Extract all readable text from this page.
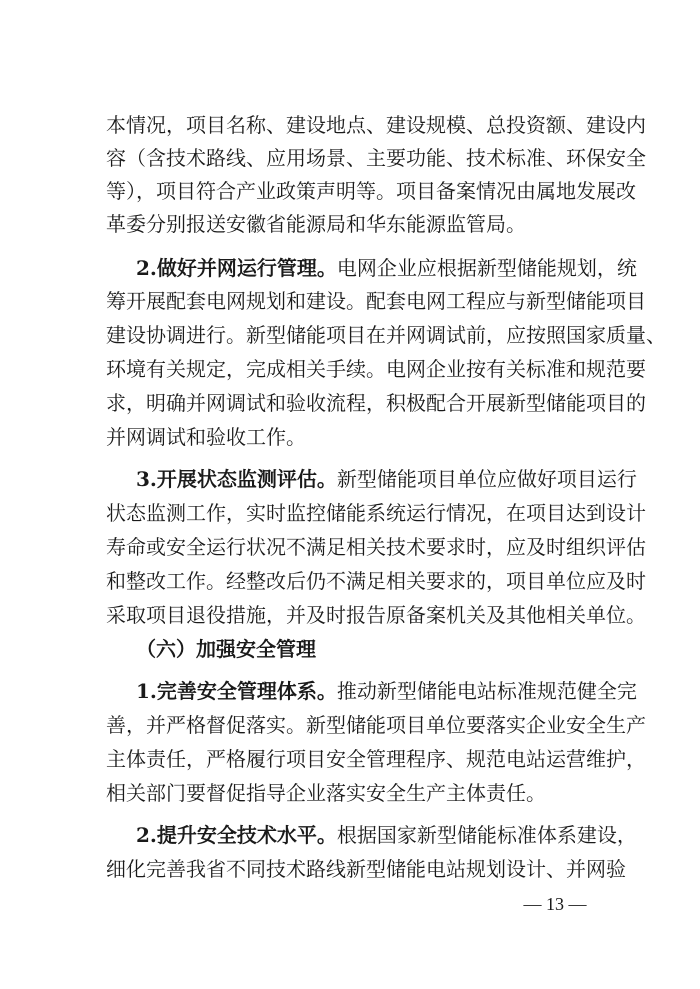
本情况，项目名称、建设地点、建设规模、总投资额、建设内
容（含技术路线、应用场景、主要功能、技术标准、环保安全
等），项目符合产业政策声明等。项目备案情况由属地发展改
革委分别报送安徽省能源局和华东能源监管局。
2.做好并网运行管理。电网企业应根据新型储能规划，统
筹开展配套电网规划和建设。配套电网工程应与新型储能项目
建设协调进行。新型储能项目在并网调试前，应按照国家质量、
环境有关规定，完成相关手续。电网企业按有关标准和规范要
求，明确并网调试和验收流程，积极配合开展新型储能项目的
并网调试和验收工作。
3.开展状态监测评估。新型储能项目单位应做好项目运行
状态监测工作，实时监控储能系统运行情况，在项目达到设计
寿命或安全运行状况不满足相关技术要求时，应及时组织评估
和整改工作。经整改后仍不满足相关要求的，项目单位应及时
采取项目退役措施，并及时报告原备案机关及其他相关单位。
（六）加强安全管理
1.完善安全管理体系。推动新型储能电站标准规范健全完
善，并严格督促落实。新型储能项目单位要落实企业安全生产
主体责任，严格履行项目安全管理程序、规范电站运营维护，
相关部门要督促指导企业落实安全生产主体责任。
2.提升安全技术水平。根据国家新型储能标准体系建设，
细化完善我省不同技术路线新型储能电站规划设计、并网验
— 13 —
